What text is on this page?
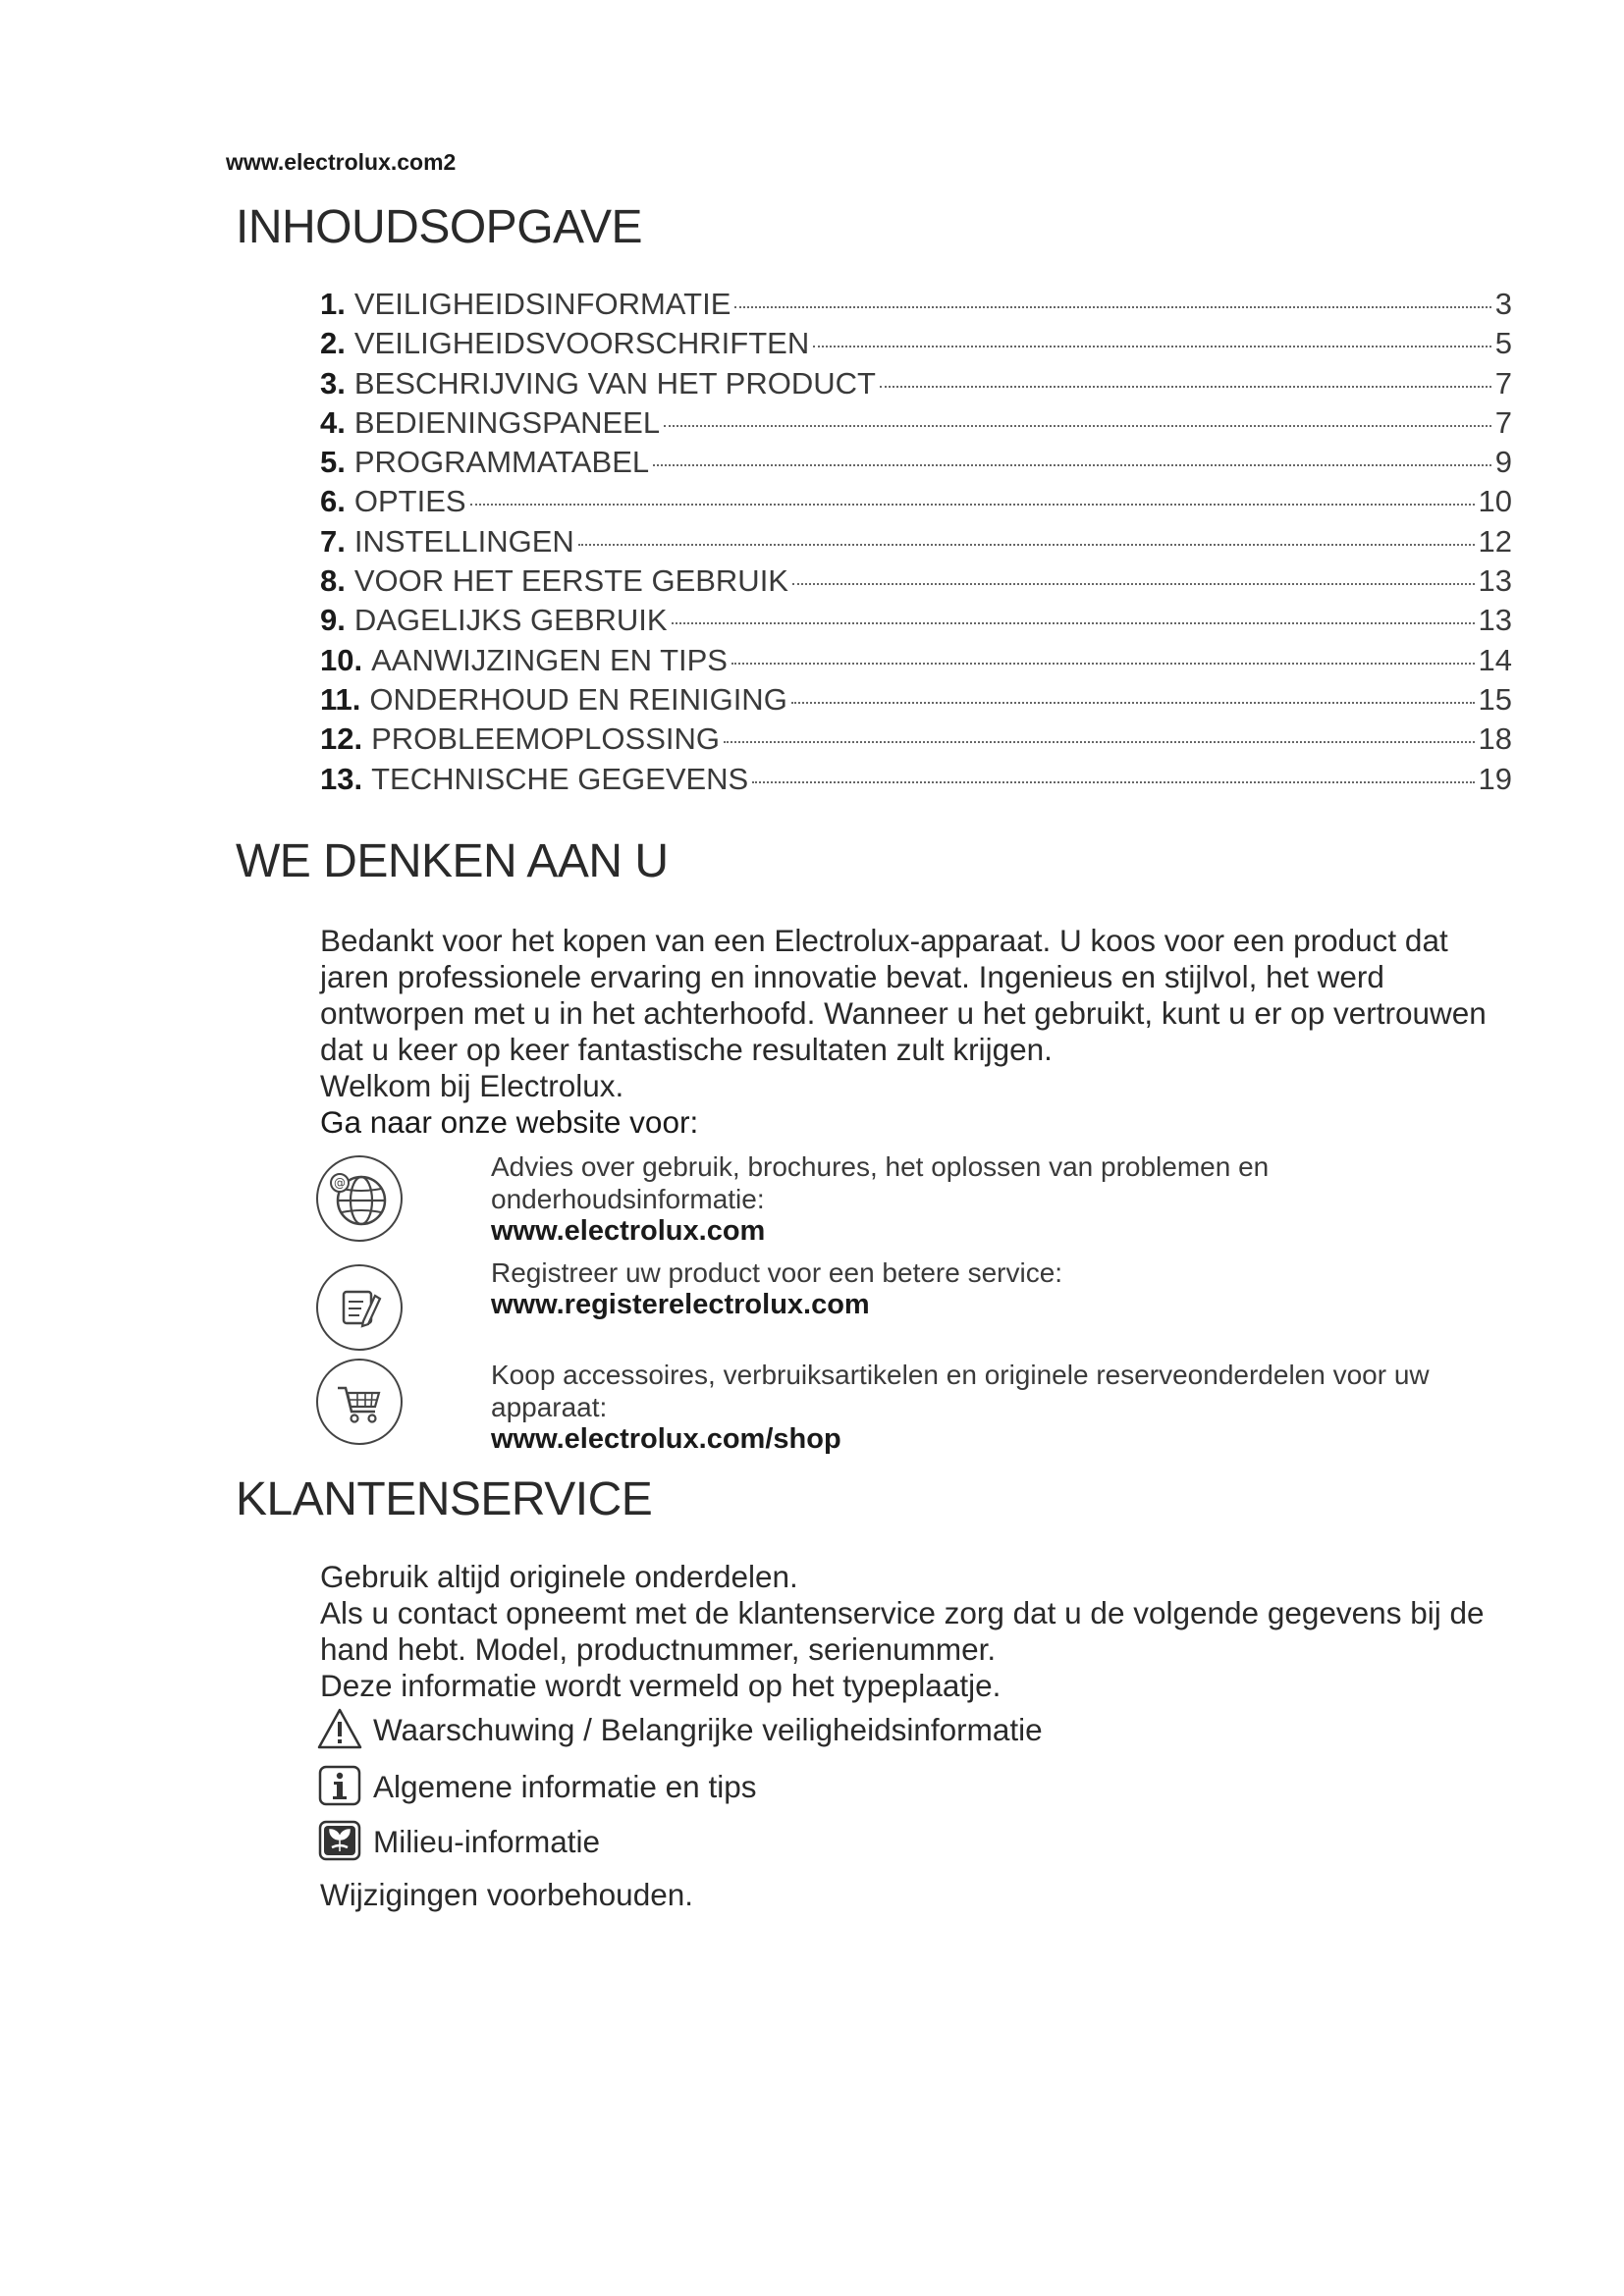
www.electrolux.com2
INHOUDSOPGAVE
1. VEILIGHEIDSINFORMATIE	3
2. VEILIGHEIDSVOORSCHRIFTEN	5
3. BESCHRIJVING VAN HET PRODUCT	7
4. BEDIENINGSPANEEL	7
5. PROGRAMMATABEL	9
6. OPTIES	10
7. INSTELLINGEN	12
8. VOOR HET EERSTE GEBRUIK	13
9. DAGELIJKS GEBRUIK	13
10. AANWIJZINGEN EN TIPS	14
11. ONDERHOUD EN REINIGING	15
12. PROBLEEMOPLOSSING	18
13. TECHNISCHE GEGEVENS	19
WE DENKEN AAN U

Bedankt voor het kopen van een Electrolux-apparaat. U koos voor een product dat jaren professionele ervaring en innovatie bevat. Ingenieus en stijlvol, het werd ontworpen met u in het achterhoofd. Wanneer u het gebruikt, kunt u er op vertrouwen dat u keer op keer fantastische resultaten zult krijgen.

Welkom bij Electrolux.

Ga naar onze website voor:

@
Advies over gebruik, brochures, het oplossen van problemen en onderhoudsinformatie:
www.electrolux.com
Registreer uw product voor een betere service:
www.registerelectrolux.com
Koop accessoires, verbruiksartikelen en originele reserveonderdelen voor uw apparaat:
www.electrolux.com/shop
KLANTENSERVICE

Gebruik altijd originele onderdelen.

Als u contact opneemt met de klantenservice zorg dat u de volgende gegevens bij de hand hebt. Model, productnummer, serienummer.

Deze informatie wordt vermeld op het typeplaatje.

Waarschuwing / Belangrijke veiligheidsinformatie
Algemene informatie en tips
Milieu-informatie

Wijzigingen voorbehouden.
